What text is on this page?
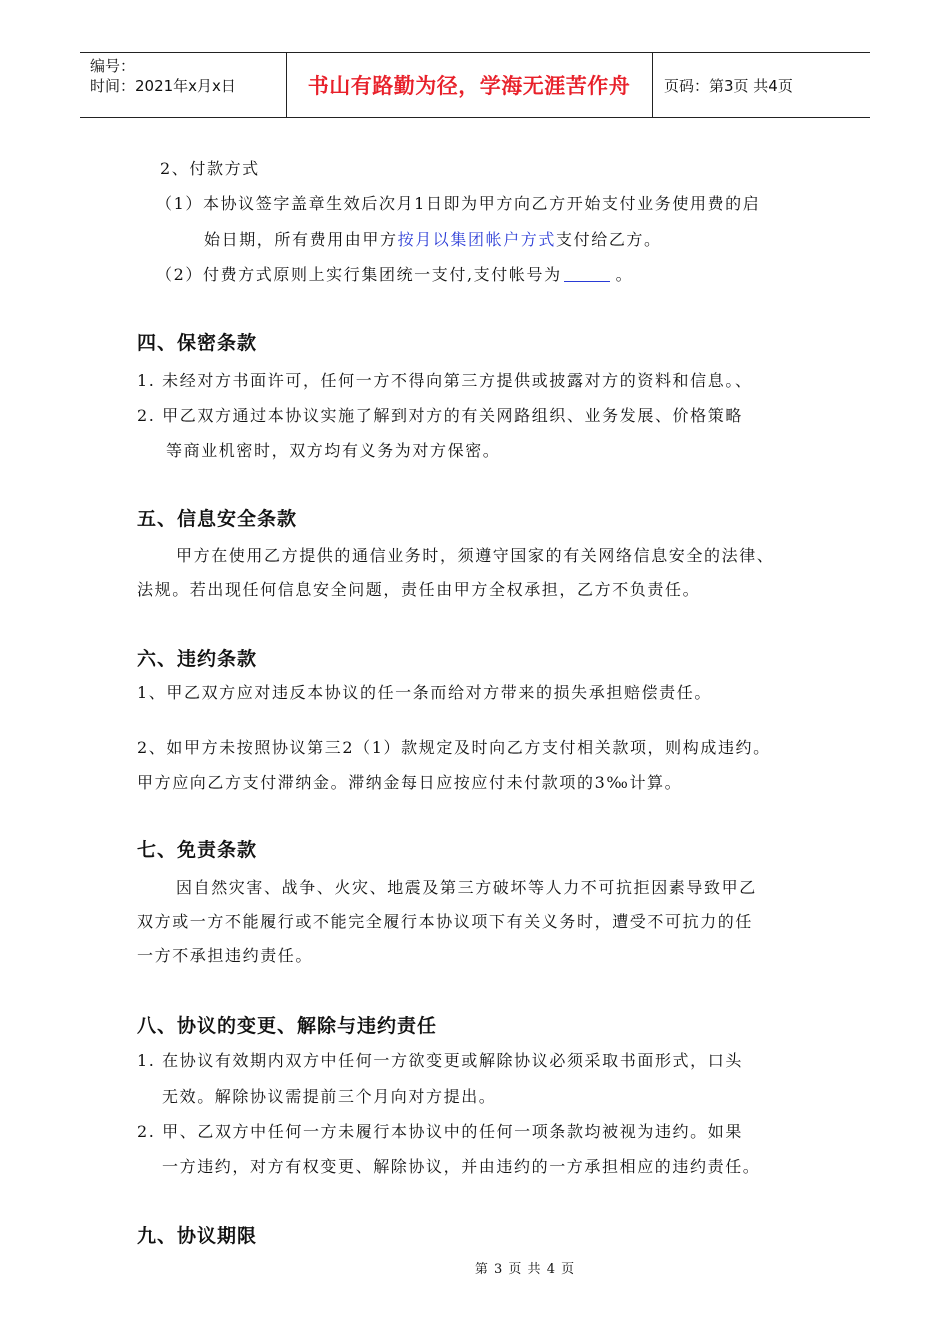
编号：
时间：2021年x月x日	书山有路勤为径，学海无涯苦作舟	页码：第3页 共4页
2、付款方式
（1）本协议签字盖章生效后次月1日即为甲方向乙方开始支付业务使用费的启
始日期，所有费用由甲方按月以集团帐户方式支付给乙方。
（2）付费方式原则上实行集团统一支付,支付帐号为	。
四、保密条款
1. 未经对方书面许可，任何一方不得向第三方提供或披露对方的资料和信息。、
2. 甲乙双方通过本协议实施了解到对方的有关网路组织、业务发展、价格策略
等商业机密时，双方均有义务为对方保密。
五、信息安全条款
甲方在使用乙方提供的通信业务时，须遵守国家的有关网络信息安全的法律、
法规。若出现任何信息安全问题，责任由甲方全权承担，乙方不负责任。
六、违约条款
1、甲乙双方应对违反本协议的任一条而给对方带来的损失承担赔偿责任。
2、如甲方未按照协议第三2（1）款规定及时向乙方支付相关款项，则构成违约。
甲方应向乙方支付滞纳金。滞纳金每日应按应付未付款项的3‰计算。
七、免责条款
因自然灾害、战争、火灾、地震及第三方破坏等人力不可抗拒因素导致甲乙
双方或一方不能履行或不能完全履行本协议项下有关义务时，遭受不可抗力的任
一方不承担违约责任。
八、协议的变更、解除与违约责任
1. 在协议有效期内双方中任何一方欲变更或解除协议必须采取书面形式，口头
无效。解除协议需提前三个月向对方提出。
2. 甲、乙双方中任何一方未履行本协议中的任何一项条款均被视为违约。如果
一方违约，对方有权变更、解除协议，并由违约的一方承担相应的违约责任。
九、协议期限
第 3 页 共 4 页
